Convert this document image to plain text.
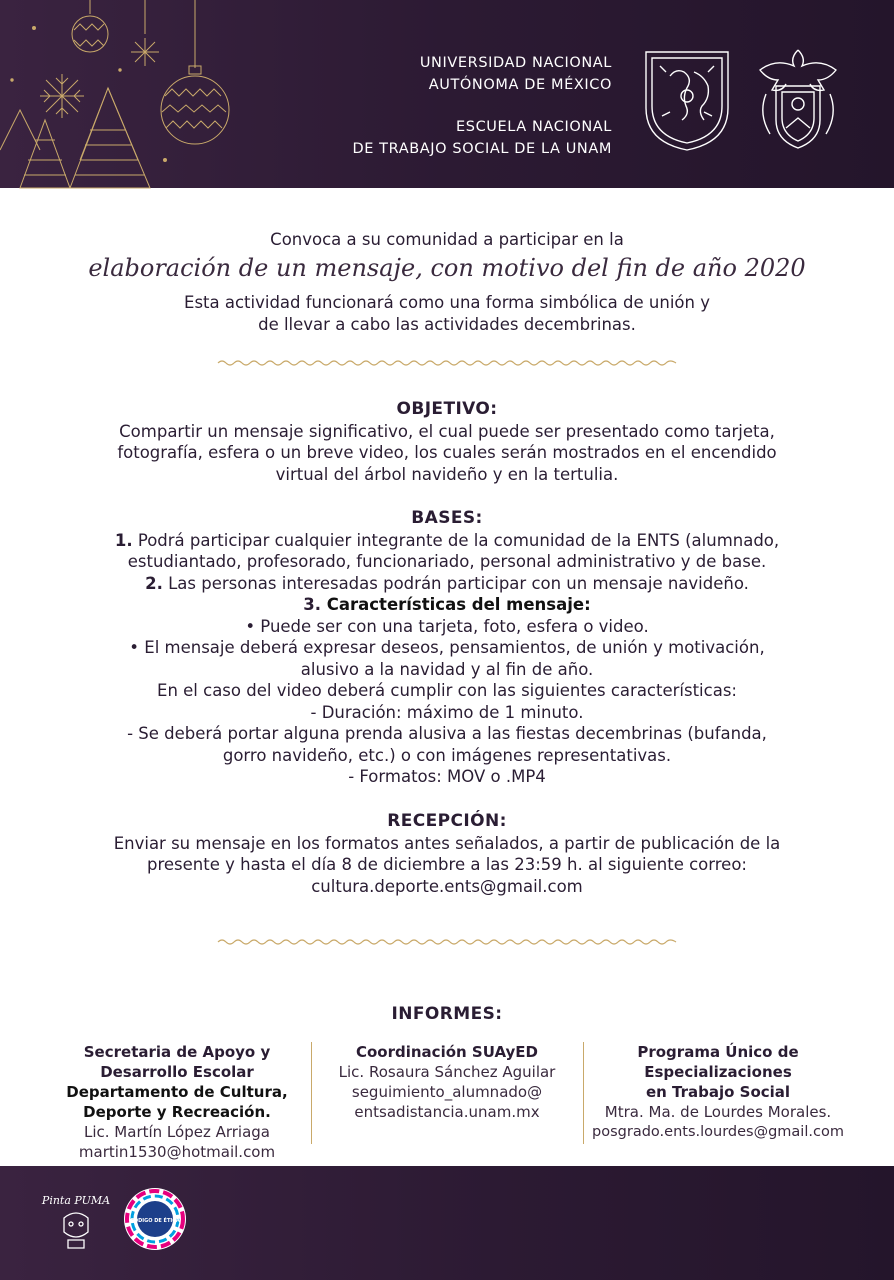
UNIVERSIDAD NACIONAL
AUTÓNOMA DE MÉXICO
ESCUELA NACIONAL
DE TRABAJO SOCIAL DE LA UNAM
Convoca a su comunidad a participar en la
elaboración de un mensaje, con motivo del fin de año 2020
Esta actividad funcionará como una forma simbólica de unión y
de llevar a cabo las actividades decembrinas.
OBJETIVO:
Compartir un mensaje significativo, el cual puede ser presentado como tarjeta,
fotografía, esfera o un breve video, los cuales serán mostrados en el encendido
virtual del árbol navideño y en la tertulia.
BASES:
1. Podrá participar cualquier integrante de la comunidad de la ENTS (alumnado,
estudiantado, profesorado, funcionariado, personal administrativo y de base.
2. Las personas interesadas podrán participar con un mensaje navideño.
3. Características del mensaje:
• Puede ser con una tarjeta, foto, esfera o video.
• El mensaje deberá expresar deseos, pensamientos, de unión y motivación,
alusivo a la navidad y al fin de año.
En el caso del video deberá cumplir con las siguientes características:
- Duración: máximo de 1 minuto.
- Se deberá portar alguna prenda alusiva a las fiestas decembrinas (bufanda,
gorro navideño, etc.) o con imágenes representativas.
- Formatos: MOV o .MP4
RECEPCIÓN:
Enviar su mensaje en los formatos antes señalados, a partir de publicación de la
presente y hasta el día 8 de diciembre a las 23:59 h. al siguiente correo:
cultura.deporte.ents@gmail.com
INFORMES:
Secretaria de Apoyo y
Desarrollo Escolar
Departamento de Cultura,
Deporte y Recreación.
Lic. Martín López Arriaga
martin1530@hotmail.com
Coordinación SUAyED
Lic. Rosaura Sánchez Aguilar
seguimiento_alumnado@
entsadistancia.unam.mx
Programa Único de
Especializaciones
en Trabajo Social
Mtra. Ma. de Lourdes Morales.
posgrado.ents.lourdes@gmail.com
Pinta PUMA
CÓDIGO DE ÉTICA
